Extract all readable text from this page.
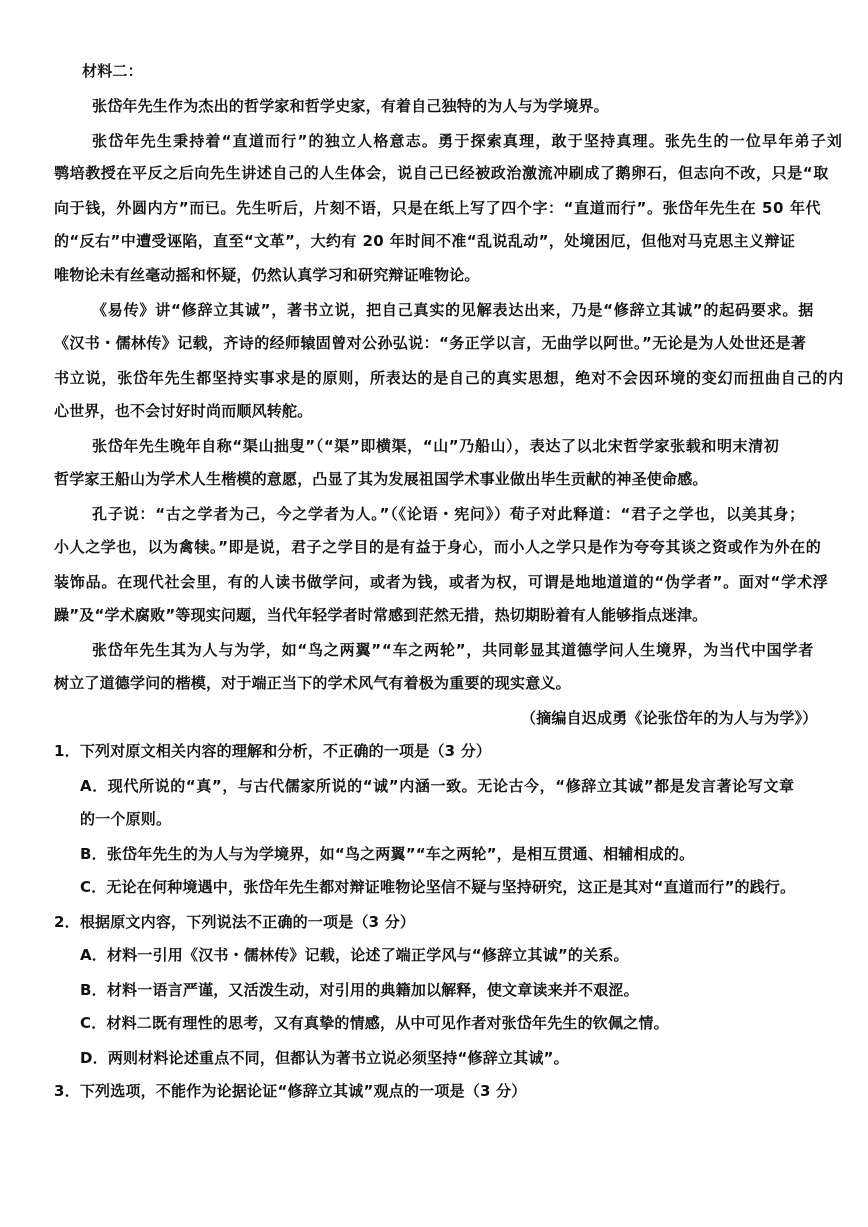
材料二：
张岱年先生作为杰出的哲学家和哲学史家，有着自己独特的为人与为学境界。
张岱年先生秉持着“直道而行”的独立人格意志。勇于探索真理，敢于坚持真理。张先生的一位早年弟子刘
鹗培教授在平反之后向先生讲述自己的人生体会，说自己已经被政治激流冲刷成了鹅卵石，但志向不改，只是“取
向于钱，外圆内方”而已。先生听后，片刻不语，只是在纸上写了四个字：“直道而行”。张岱年先生在 50 年代
的“反右”中遭受诬陷，直至“文革”，大约有 20 年时间不准“乱说乱动”，处境困厄，但他对马克思主义辩证
唯物论未有丝毫动摇和怀疑，仍然认真学习和研究辩证唯物论。
《易传》讲“修辞立其诚”，著书立说，把自己真实的见解表达出来，乃是“修辞立其诚”的起码要求。据
《汉书・儒林传》记载，齐诗的经师辕固曾对公孙弘说：“务正学以言，无曲学以阿世。”无论是为人处世还是著
书立说，张岱年先生都坚持实事求是的原则，所表达的是自己的真实思想，绝对不会因环境的变幻而扭曲自己的内
心世界，也不会讨好时尚而顺风转舵。
张岱年先生晚年自称“渠山拙叟”（“渠”即横渠，“山”乃船山），表达了以北宋哲学家张载和明末清初
哲学家王船山为学术人生楷模的意愿，凸显了其为发展祖国学术事业做出毕生贡献的神圣使命感。
孔子说：“古之学者为己，今之学者为人。”（《论语・宪问》）荀子对此释道：“君子之学也，以美其身；
小人之学也，以为禽犊。”即是说，君子之学目的是有益于身心，而小人之学只是作为夸夸其谈之资或作为外在的
装饰品。在现代社会里，有的人读书做学问，或者为钱，或者为权，可谓是地地道道的“伪学者”。面对“学术浮
躁”及“学术腐败”等现实问题，当代年轻学者时常感到茫然无措，热切期盼着有人能够指点迷津。
张岱年先生其为人与为学，如“鸟之两翼”“车之两轮”，共同彰显其道德学问人生境界，为当代中国学者
树立了道德学问的楷模，对于端正当下的学术风气有着极为重要的现实意义。
（摘编自迟成勇《论张岱年的为人与为学》）
1．下列对原文相关内容的理解和分析，不正确的一项是（3 分）
A．现代所说的“真”，与古代儒家所说的“诚”内涵一致。无论古今，“修辞立其诚”都是发言著论写文章
的一个原则。
B．张岱年先生的为人与为学境界，如“鸟之两翼”“车之两轮”，是相互贯通、相辅相成的。
C．无论在何种境遇中，张岱年先生都对辩证唯物论坚信不疑与坚持研究，这正是其对“直道而行”的践行。
2．根据原文内容，下列说法不正确的一项是（3 分）
A．材料一引用《汉书・儒林传》记载，论述了端正学风与“修辞立其诚”的关系。
B．材料一语言严谨，又活泼生动，对引用的典籍加以解释，使文章读来并不艰涩。
C．材料二既有理性的思考，又有真挚的情感，从中可见作者对张岱年先生的钦佩之情。
D．两则材料论述重点不同，但都认为著书立说必须坚持“修辞立其诚”。
3．下列选项，不能作为论据论证“修辞立其诚”观点的一项是（3 分）
